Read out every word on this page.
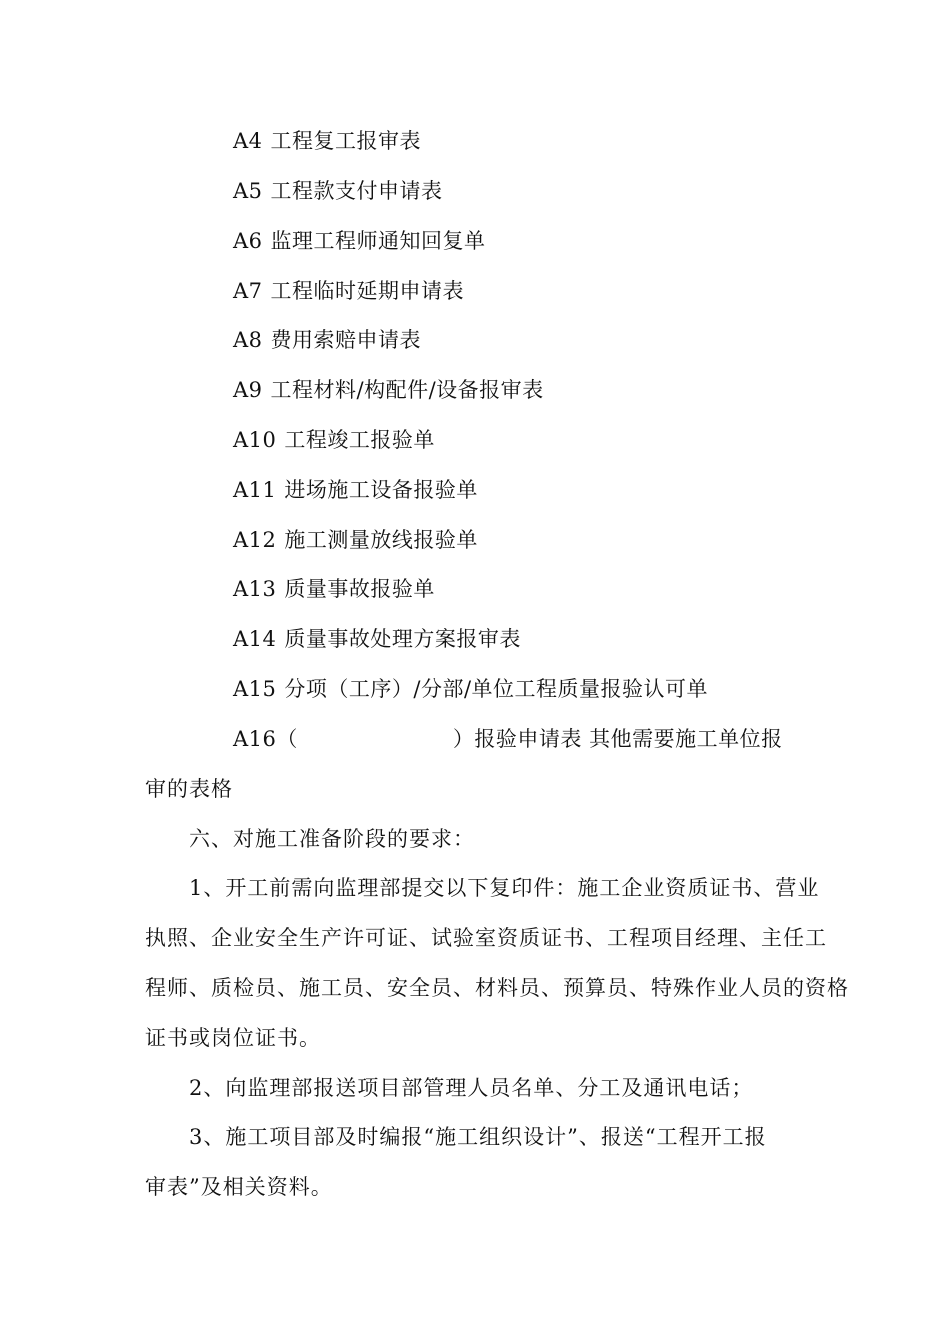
A4 工程复工报审表
A5 工程款支付申请表
A6 监理工程师通知回复单
A7 工程临时延期申请表
A8 费用索赔申请表
A9 工程材料/构配件/设备报审表
A10 工程竣工报验单
A11 进场施工设备报验单
A12 施工测量放线报验单
A13 质量事故报验单
A14 质量事故处理方案报审表
A15 分项（工序）/分部/单位工程质量报验认可单
A16（	）报验申请表 其他需要施工单位报
审的表格
六、对施工准备阶段的要求：
1、开工前需向监理部提交以下复印件：施工企业资质证书、营业
执照、企业安全生产许可证、试验室资质证书、工程项目经理、主任工
程师、质检员、施工员、安全员、材料员、预算员、特殊作业人员的资格
证书或岗位证书。
2、向监理部报送项目部管理人员名单、分工及通讯电话；
3、施工项目部及时编报“施工组织设计”、报送“工程开工报
审表”及相关资料。
